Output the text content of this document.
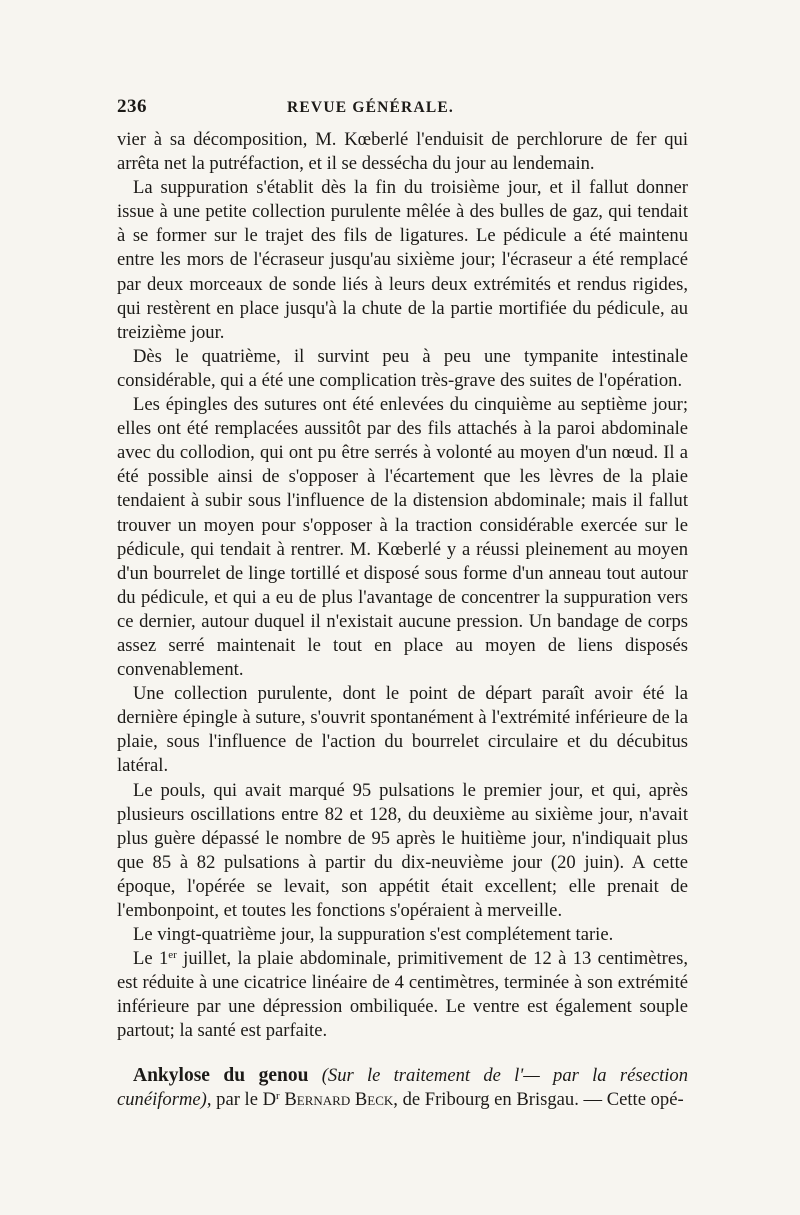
236	REVUE GÉNÉRALE.

vier à sa décomposition, M. Kœberlé l'enduisit de perchlorure de fer qui arrêta net la putréfaction, et il se dessécha du jour au lendemain.

La suppuration s'établit dès la fin du troisième jour, et il fallut donner issue à une petite collection purulente mêlée à des bulles de gaz, qui tendait à se former sur le trajet des fils de ligatures. Le pédicule a été maintenu entre les mors de l'écraseur jusqu'au sixième jour; l'écraseur a été remplacé par deux morceaux de sonde liés à leurs deux extrémités et rendus rigides, qui restèrent en place jusqu'à la chute de la partie mortifiée du pédicule, au treizième jour.

Dès le quatrième, il survint peu à peu une tympanite intestinale considérable, qui a été une complication très-grave des suites de l'opération.

Les épingles des sutures ont été enlevées du cinquième au septième jour; elles ont été remplacées aussitôt par des fils attachés à la paroi abdominale avec du collodion, qui ont pu être serrés à volonté au moyen d'un nœud. Il a été possible ainsi de s'opposer à l'écartement que les lèvres de la plaie tendaient à subir sous l'influence de la distension abdominale; mais il fallut trouver un moyen pour s'opposer à la traction considérable exercée sur le pédicule, qui tendait à rentrer. M. Kœberlé y a réussi pleinement au moyen d'un bourrelet de linge tortillé et disposé sous forme d'un anneau tout autour du pédicule, et qui a eu de plus l'avantage de concentrer la suppuration vers ce dernier, autour duquel il n'existait aucune pression. Un bandage de corps assez serré maintenait le tout en place au moyen de liens disposés convenablement.

Une collection purulente, dont le point de départ paraît avoir été la dernière épingle à suture, s'ouvrit spontanément à l'extrémité inférieure de la plaie, sous l'influence de l'action du bourrelet circulaire et du décubitus latéral.

Le pouls, qui avait marqué 95 pulsations le premier jour, et qui, après plusieurs oscillations entre 82 et 128, du deuxième au sixième jour, n'avait plus guère dépassé le nombre de 95 après le huitième jour, n'indiquait plus que 85 à 82 pulsations à partir du dix-neuvième jour (20 juin). A cette époque, l'opérée se levait, son appétit était excellent; elle prenait de l'embonpoint, et toutes les fonctions s'opéraient à merveille.

Le vingt-quatrième jour, la suppuration s'est complétement tarie.

Le 1er juillet, la plaie abdominale, primitivement de 12 à 13 centimètres, est réduite à une cicatrice linéaire de 4 centimètres, terminée à son extrémité inférieure par une dépression ombiliquée. Le ventre est également souple partout; la santé est parfaite.

Ankylose du genou (Sur le traitement de l'— par la résection cunéiforme), par le $D^r$ Bernard Beck, de Fribourg en Brisgau. — Cette opé-
